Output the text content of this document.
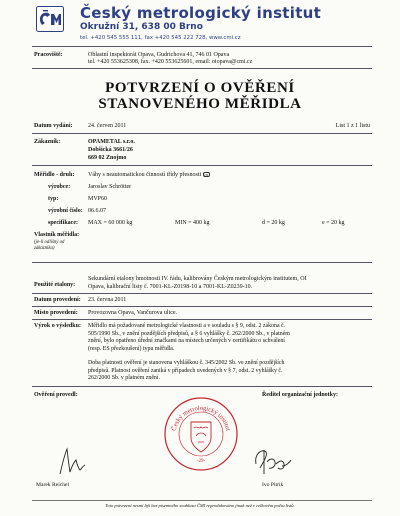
Český metrologický institut
Okružní 31, 638 00 Brno
tel. +420 545 555 111, fax +420 545 222 728, www.cmi.cz
Pracoviště:	Oblastní inspektorát Opava, Gudrichova 41, 746 01 Opava
tel. +420 553625308, fax. +420 553625601, email: oiopava@cmi.cz
POTVRZENÍ O OVĚŘENÍ
STANOVENÉHO MĚŘIDLA
Datum vydání:	24. červen 2011	List 1 z 1 listu
Zákazník:	OPAMETAL s.r.o.
Dobšická 3661/26
669 02 Znojmo
Měřidlo - druh: Váhy s neautomatickou činností třídy přesnosti III
výrobce:	Jaroslav Schrötter
typ:	MVP60
výrobní číslo: 06.6.07
specifikace: MAX = 60 000 kg	MIN = 400 kg	d = 20 kg	e = 20 kg
Vlastník měřidla:
(je-li odlišný od
zákazníka)
Použité etalony:
Sekundární etalony hmotnosti IV. řádu, kalibrovány Českým metrologickým institutem, OI
Opava, kalibrační listy č. 7001-KL-Z0198-10 a 7001-KL-Z0239-10.
Datum provedení: 23. června 2011
Místo provedení: Provozovna Opava, Vančurova ulice.
Výrok o výsledku: Měřidlo má požadované metrologické vlastnosti a v souladu s § 9, odst. 2 zákona č.
505/1990 Sb., v znění pozdějších předpisů, a § 6 vyhlášky č. 262/2000 Sb., v platném
znění, bylo opatřeno úřední značkami na místech určených v certifikátu o schválení
(resp. ES přezkoušení) typu měřidla.
Doba platnosti ověření je stanovena vyhláškou č. 345/2002 Sb. ve znění pozdějších
předpisů. Platnost ověření zaniká v případech uvedených v § 7, odst. 2 vyhlášky č.
262/2000 Sb. v platném znění.
Ověření provedl:	Ředitel organizační jednotky:
Marek Reichel	Ivo Pitrik
Český metrologický institut
-29-
Toto potvrzení nesmí být bez písemného souhlasu ČMI reprodukováno jinak než v celkovém počtu listů.
